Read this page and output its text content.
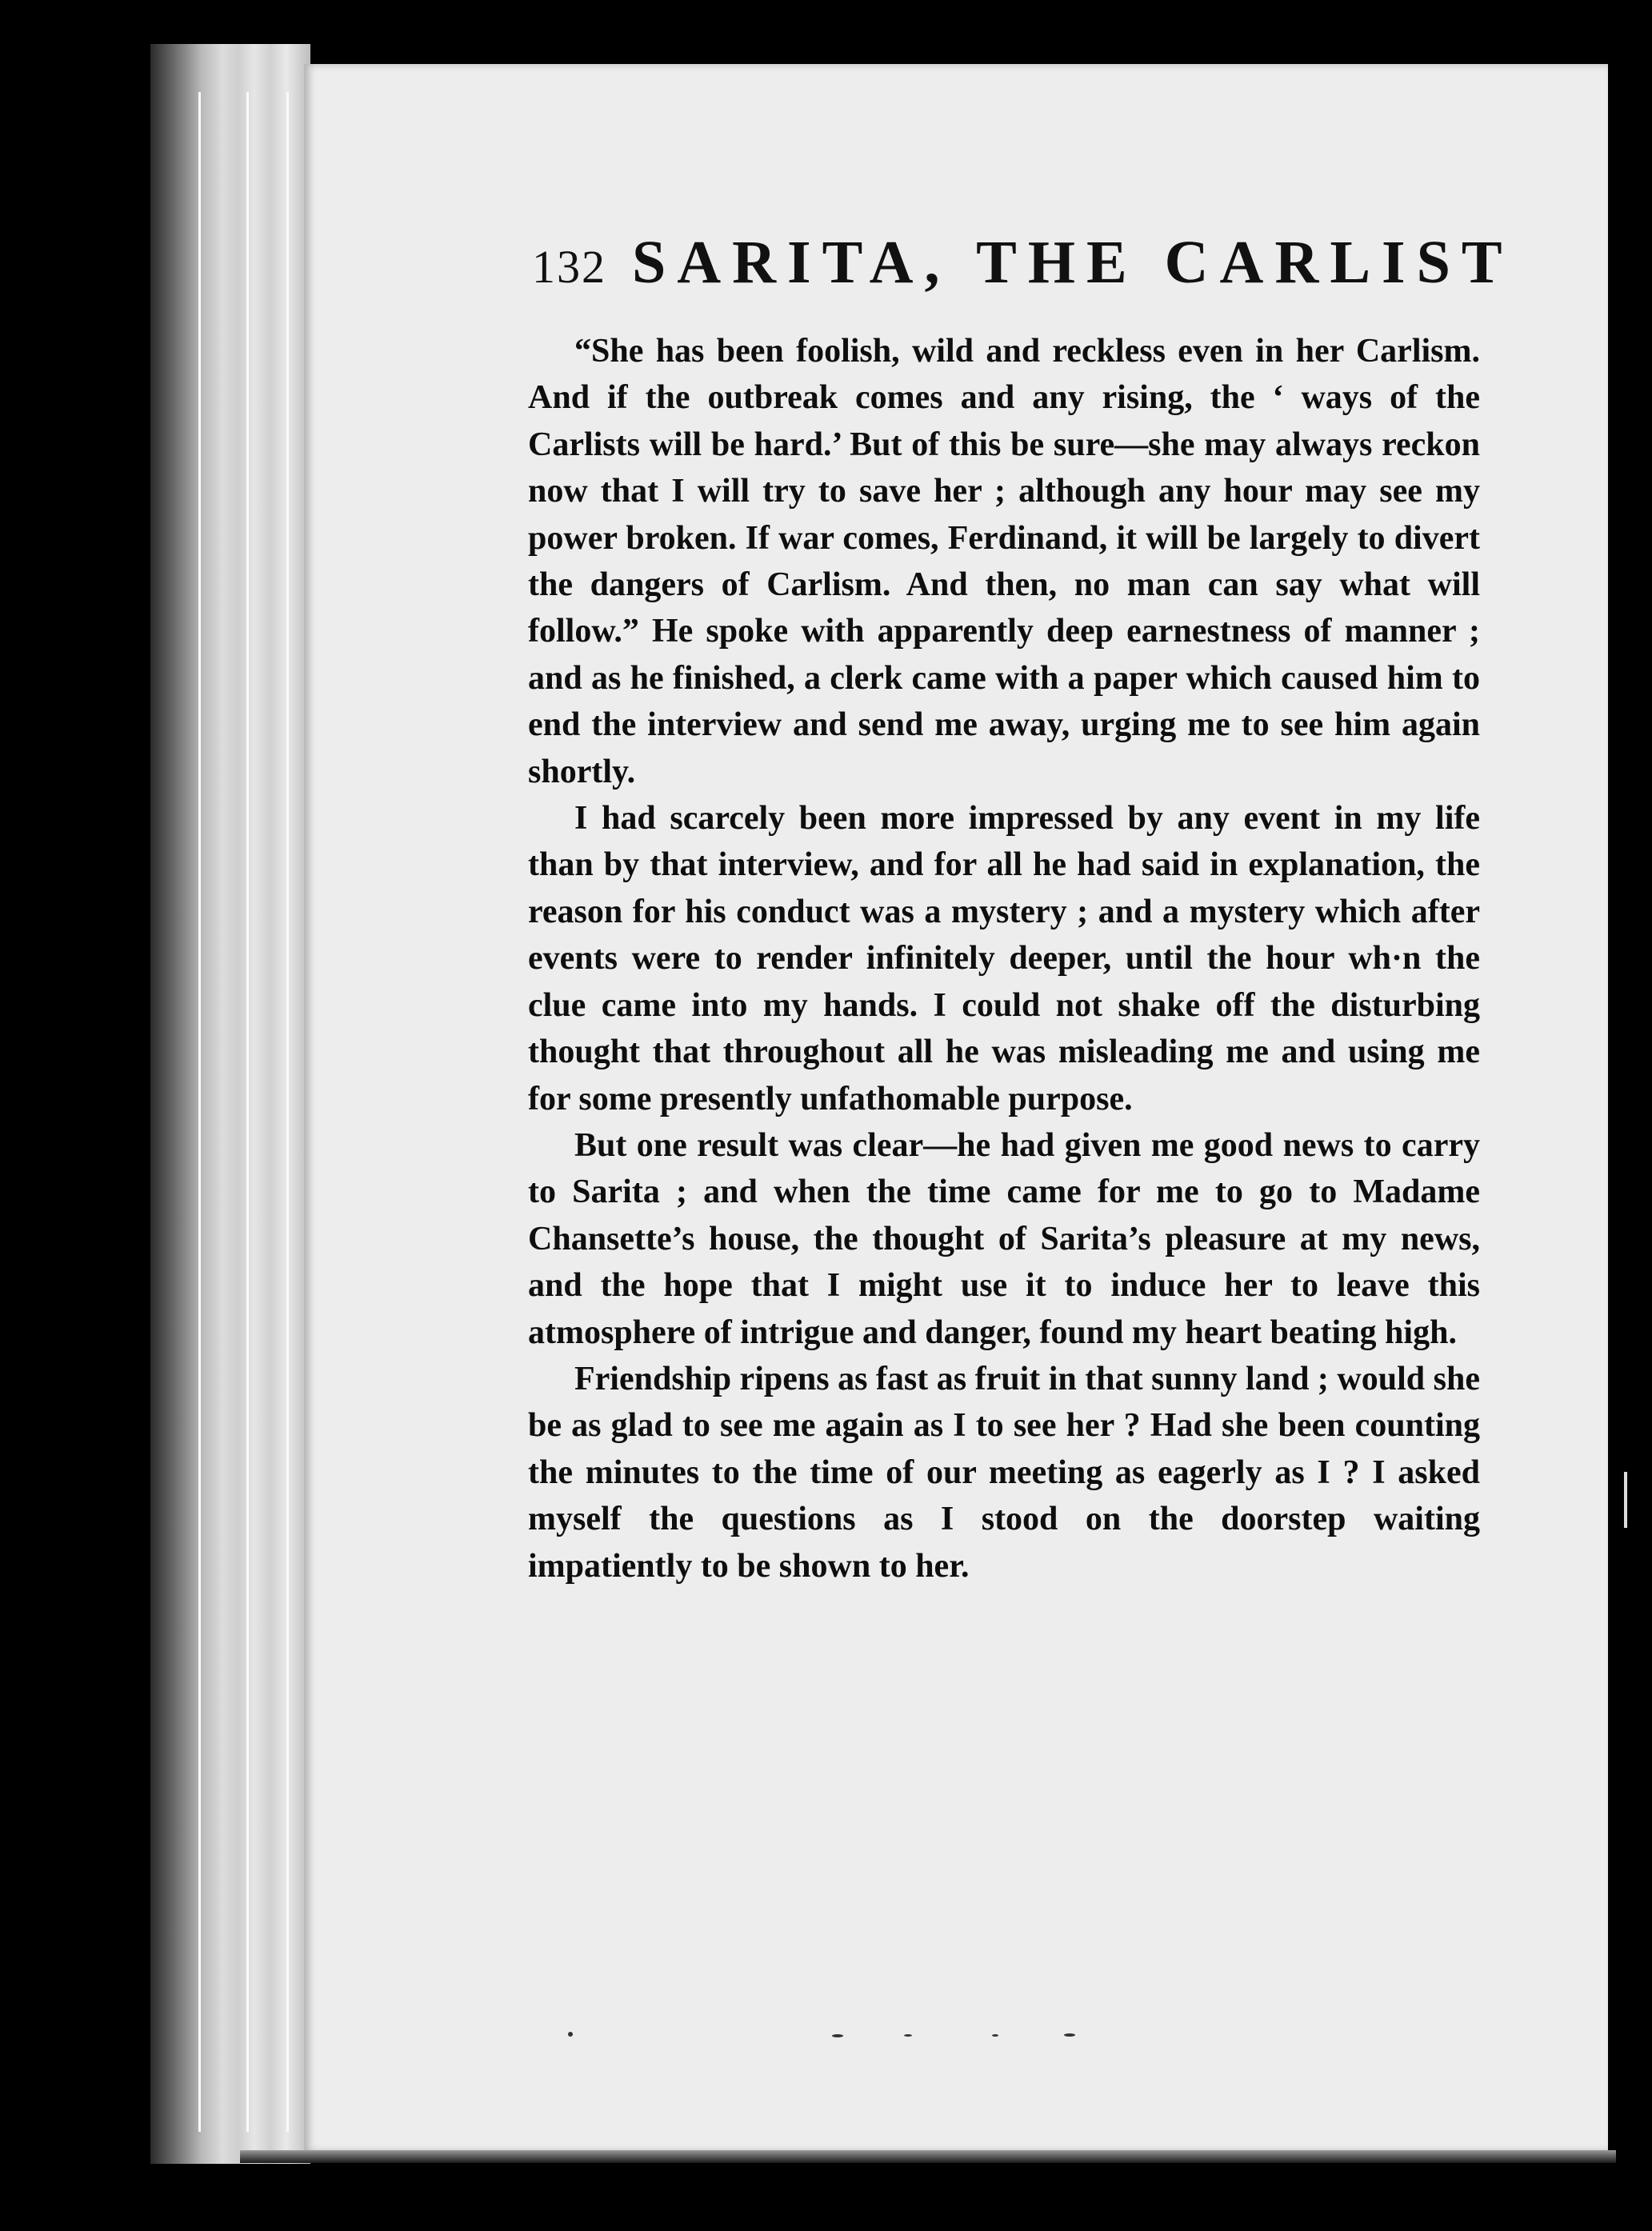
132 SARITA, THE CARLIST

“She has been foolish, wild and reckless even in her Carlism. And if the outbreak comes and any rising, the ‘ ways of the Carlists will be hard.’ But of this be sure—she may always reckon now that I will try to save her ; although any hour may see my power broken. If war comes, Ferdinand, it will be largely to divert the dangers of Carlism. And then, no man can say what will follow.” He spoke with apparently deep earnestness of manner ; and as he finished, a clerk came with a paper which caused him to end the interview and send me away, urging me to see him again shortly.

I had scarcely been more impressed by any event in my life than by that interview, and for all he had said in explanation, the reason for his conduct was a mystery ; and a mystery which after events were to render infinitely deeper, until the hour wh·n the clue came into my hands. I could not shake off the disturbing thought that throughout all he was misleading me and using me for some presently unfathomable purpose.

But one result was clear—he had given me good news to carry to Sarita ; and when the time came for me to go to Madame Chansette’s house, the thought of Sarita’s pleasure at my news, and the hope that I might use it to induce her to leave this atmosphere of intrigue and danger, found my heart beating high.

Friendship ripens as fast as fruit in that sunny land ; would she be as glad to see me again as I to see her ? Had she been counting the minutes to the time of our meeting as eagerly as I ? I asked myself the questions as I stood on the doorstep waiting impatiently to be shown to her.
